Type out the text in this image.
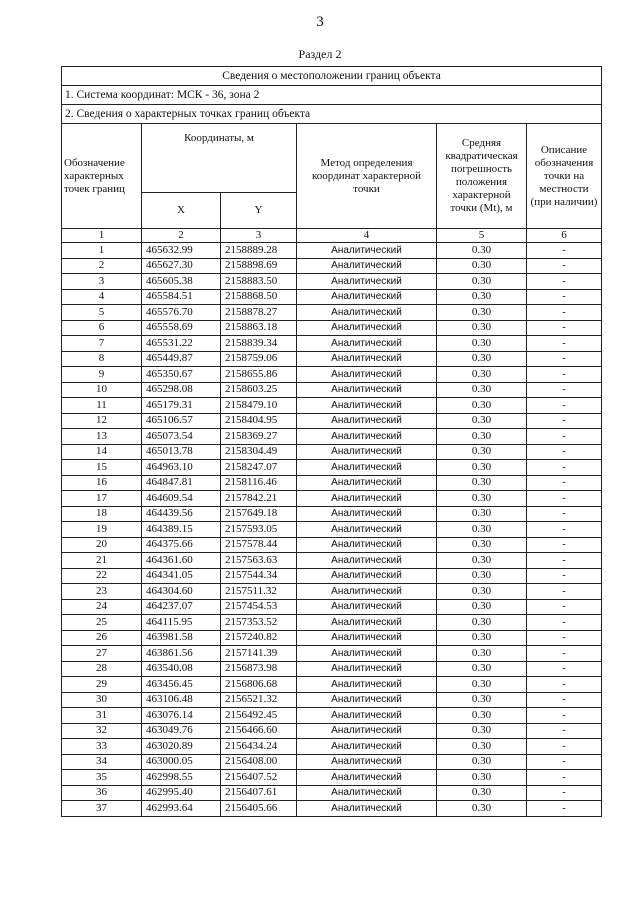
3
Раздел 2
Сведения о местоположении границ объекта					
1. Система координат: МСК - 36, зона 2					
2. Сведения о характерных точках границ объекта					
Обозначение характерных точек границ	Координаты, м		Метод определения координат характерной точки	Средняя квадратическая погрешность положения характерной точки (Mt), м	Описание обозначения точки на местности (при наличии)
	X	Y			
1	2	3	4	5	6
1	465632.99	2158889.28	Аналитический	0.30	-
2	465627.30	2158898.69	Аналитический	0.30	-
3	465605.38	2158883.50	Аналитический	0.30	-
4	465584.51	2158868.50	Аналитический	0.30	-
5	465576.70	2158878.27	Аналитический	0.30	-
6	465558.69	2158863.18	Аналитический	0.30	-
7	465531.22	2158839.34	Аналитический	0.30	-
8	465449.87	2158759.06	Аналитический	0.30	-
9	465350.67	2158655.86	Аналитический	0.30	-
10	465298.08	2158603.25	Аналитический	0.30	-
11	465179.31	2158479.10	Аналитический	0.30	-
12	465106.57	2158404.95	Аналитический	0.30	-
13	465073.54	2158369.27	Аналитический	0.30	-
14	465013.78	2158304.49	Аналитический	0.30	-
15	464963.10	2158247.07	Аналитический	0.30	-
16	464847.81	2158116.46	Аналитический	0.30	-
17	464609.54	2157842.21	Аналитический	0.30	-
18	464439.56	2157649.18	Аналитический	0.30	-
19	464389.15	2157593.05	Аналитический	0.30	-
20	464375.66	2157578.44	Аналитический	0.30	-
21	464361.60	2157563.63	Аналитический	0.30	-
22	464341.05	2157544.34	Аналитический	0.30	-
23	464304.60	2157511.32	Аналитический	0.30	-
24	464237.07	2157454.53	Аналитический	0.30	-
25	464115.95	2157353.52	Аналитический	0.30	-
26	463981.58	2157240.82	Аналитический	0.30	-
27	463861.56	2157141.39	Аналитический	0.30	-
28	463540.08	2156873.98	Аналитический	0.30	-
29	463456.45	2156806.68	Аналитический	0.30	-
30	463106.48	2156521.32	Аналитический	0.30	-
31	463076.14	2156492.45	Аналитический	0.30	-
32	463049.76	2156466.60	Аналитический	0.30	-
33	463020.89	2156434.24	Аналитический	0.30	-
34	463000.05	2156408.00	Аналитический	0.30	-
35	462998.55	2156407.52	Аналитический	0.30	-
36	462995.40	2156407.61	Аналитический	0.30	-
37	462993.64	2156405.66	Аналитический	0.30	-
